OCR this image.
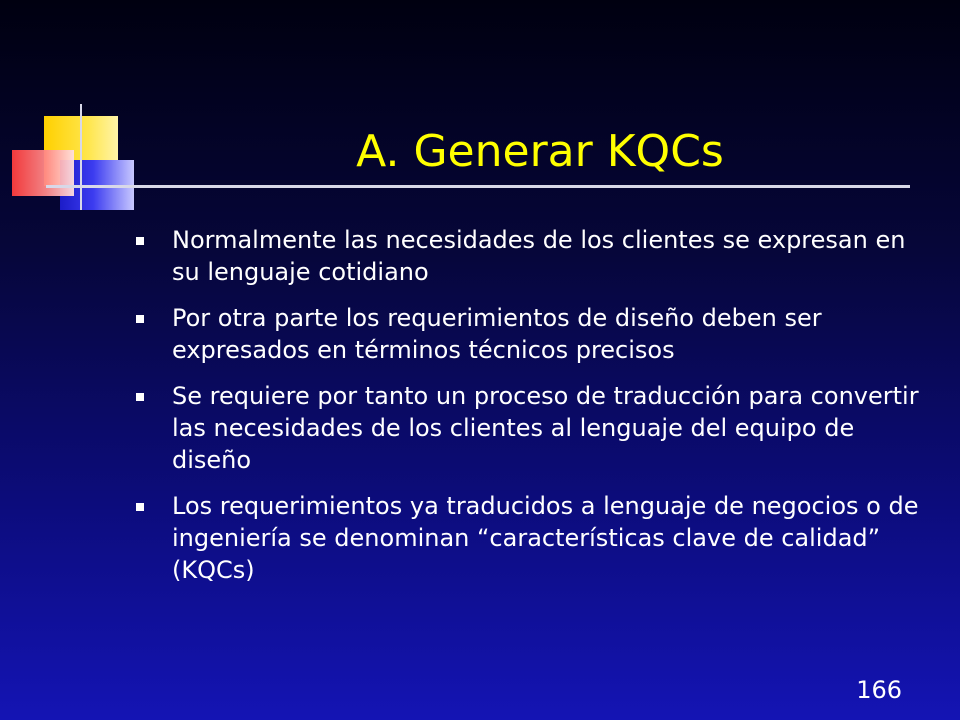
A. Generar KQCs
Normalmente las necesidades de los clientes se expresan en su lenguaje cotidiano
Por otra parte los requerimientos de diseño deben ser expresados en términos técnicos precisos
Se requiere por tanto un proceso de traducción para convertir las necesidades de los clientes al lenguaje del equipo de diseño
Los requerimientos ya traducidos a lenguaje de negocios o de ingeniería se denominan “características clave de calidad” (KQCs)
166
